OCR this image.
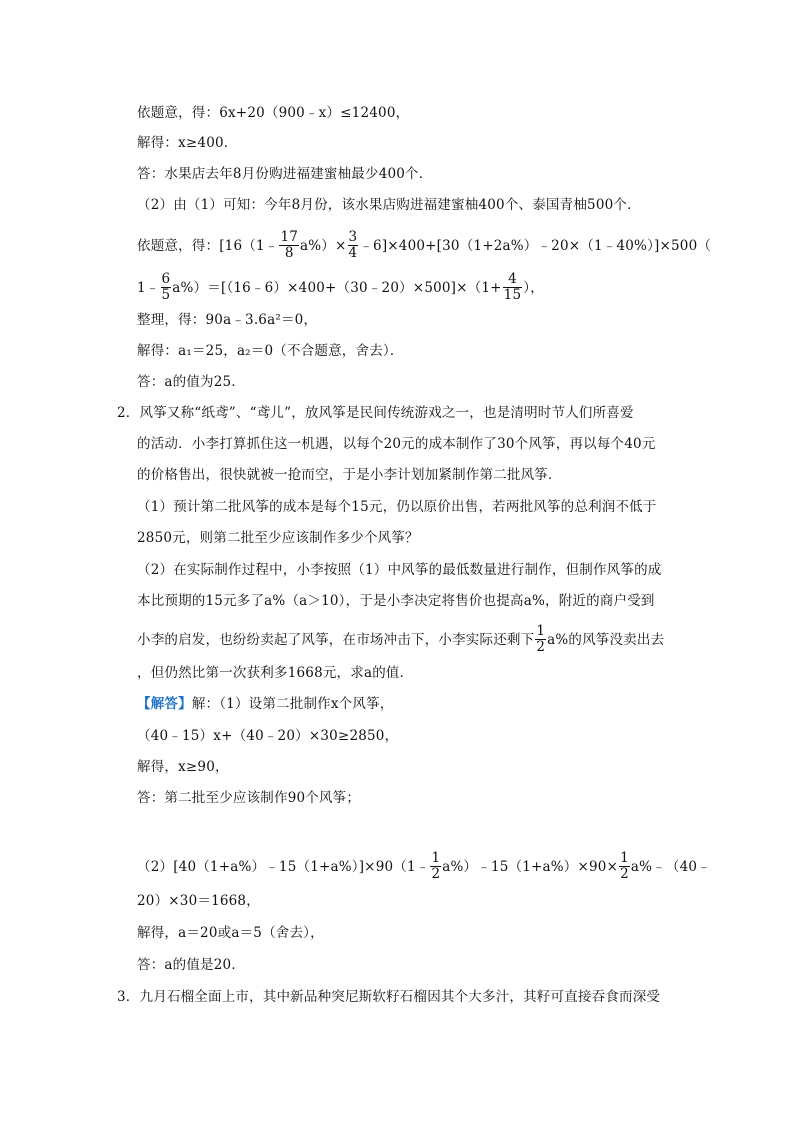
依题意，得：6x+20（900﹣x）≤12400，
解得：x≥400．
答：水果店去年8月份购进福建蜜柚最少400个．
（2）由（1）可知：今年8月份，该水果店购进福建蜜柚400个、泰国青柚500个．
依题意，得：[16（1﹣ $\frac{17}{8} a\%)\times \frac{3}{4}$ ﹣6]×400+[30（1+2a%）﹣20×（1﹣40%）]×500（
1﹣ $\frac{6}{5}$ a%）＝[（16﹣6）×400+（30﹣20）×500]×（1+ $\frac{4}{15}$ ），
整理，得：90a﹣3.6a²＝0，
解得：a₁＝25，a₂＝0（不合题意，舍去）．
答：a的值为25．
2．风筝又称“纸鸢”、“鸢儿”，放风筝是民间传统游戏之一，也是清明时节人们所喜爱
的活动．小李打算抓住这一机遇，以每个20元的成本制作了30个风筝，再以每个40元
的价格售出，很快就被一抢而空，于是小李计划加紧制作第二批风筝．
（1）预计第二批风筝的成本是每个15元，仍以原价出售，若两批风筝的总利润不低于
2850元，则第二批至少应该制作多少个风筝？
（2）在实际制作过程中，小李按照（1）中风筝的最低数量进行制作，但制作风筝的成
本比预期的15元多了a%（a＞10），于是小李决定将售价也提高a%，附近的商户受到
小李的启发，也纷纷卖起了风筝，在市场冲击下，小李实际还剩下 $\frac{1}{2} a\%$的风筝没卖出去
，但仍然比第一次获利多1668元，求a的值．
【解答】解：（1）设第二批制作x个风筝，
（40﹣15）x+（40﹣20）×30≥2850，
解得，x≥90，
答：第二批至少应该制作90个风筝；
（2）[40（1+a%）﹣15（1+a%）]×90（1﹣ $\frac{1}{2}$ a%）﹣15（1+a%）×90× $\frac{1}{2}$ a%﹣（40﹣
20）×30＝1668，
解得，a＝20或a＝5（舍去），
答：a的值是20．
3．九月石榴全面上市，其中新品种突尼斯软籽石榴因其个大多汁，其籽可直接吞食而深受
